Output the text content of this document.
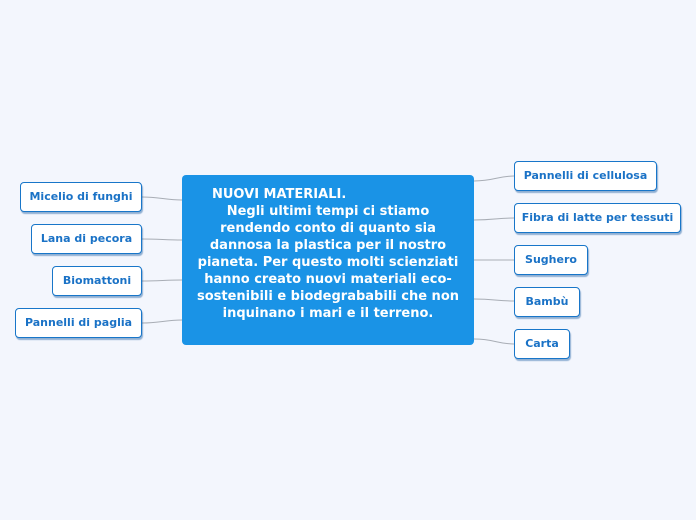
NUOVI MATERIALI.
Negli ultimi tempi ci stiamo rendendo conto di quanto sia dannosa la plastica per il nostro pianeta. Per questo molti scienziati hanno creato nuovi materiali eco-sostenibili e biodegrababili che non inquinano i mari e il terreno.
Micelio di funghi
Lana di pecora
Biomattoni
Pannelli di paglia
Pannelli di cellulosa
Fibra di latte per tessuti
Sughero
Bambù
Carta
